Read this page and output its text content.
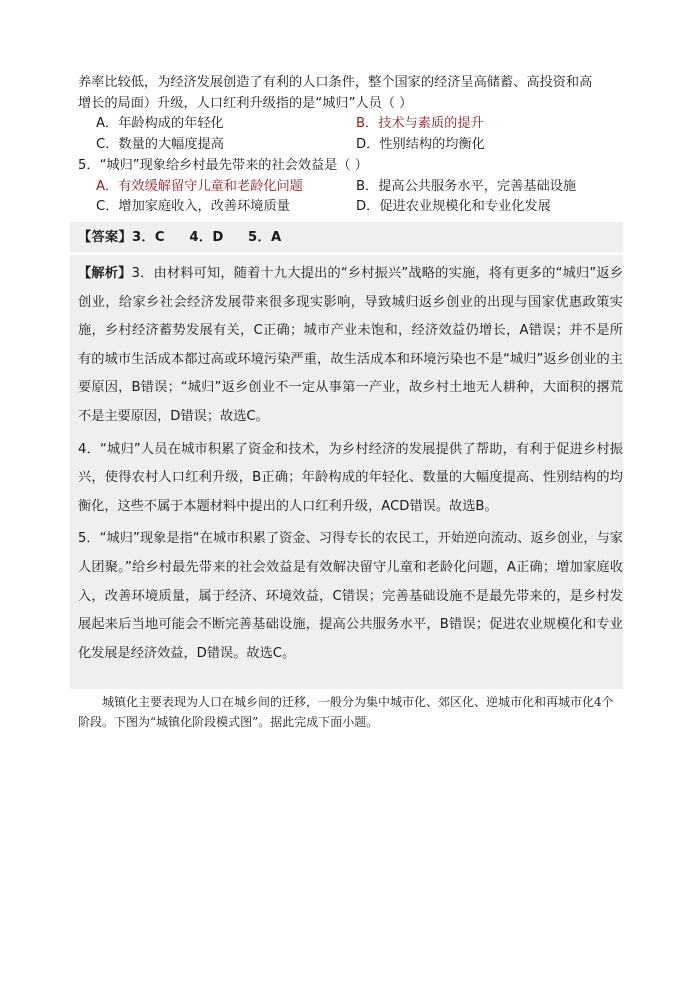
养率比较低，为经济发展创造了有利的人口条件，整个国家的经济呈高储蓄、高投资和高

增长的局面）升级，人口红利升级指的是“城归”人员（ ）

A．年龄构成的年轻化	B．技术与素质的提升
C．数量的大幅度提高	D．性别结构的均衡化

5．“城归”现象给乡村最先带来的社会效益是（ ）

A．有效缓解留守儿童和老龄化问题	B．提高公共服务水平，完善基础设施
C．增加家庭收入，改善环境质量	D．促进农业规模化和专业化发展
【答案】3．C     4．D     5．A

【解析】3．由材料可知，随着十九大提出的“乡村振兴”战略的实施，将有更多的“城归”返乡创业，给家乡社会经济发展带来很多现实影响，导致城归返乡创业的出现与国家优惠政策实施，乡村经济蓄势发展有关，C正确；城市产业未饱和，经济效益仍增长，A错误；并不是所有的城市生活成本都过高或环境污染严重，故生活成本和环境污染也不是“城归”返乡创业的主要原因，B错误；“城归”返乡创业不一定从事第一产业，故乡村土地无人耕种，大面积的撂荒不是主要原因，D错误；故选C。

4．“城归”人员在城市积累了资金和技术，为乡村经济的发展提供了帮助，有利于促进乡村振兴，使得农村人口红利升级，B正确；年龄构成的年轻化、数量的大幅度提高、性别结构的均衡化，这些不属于本题材料中提出的人口红利升级，ACD错误。故选B。

5．“城归”现象是指“在城市积累了资金、习得专长的农民工，开始逆向流动、返乡创业，与家人团聚。”给乡村最先带来的社会效益是有效解决留守儿童和老龄化问题，A正确；增加家庭收入，改善环境质量，属于经济、环境效益，C错误；完善基础设施不是最先带来的，是乡村发展起来后当地可能会不断完善基础设施，提高公共服务水平，B错误；促进农业规模化和专业化发展是经济效益，D错误。故选C。

城镇化主要表现为人口在城乡间的迁移，一般分为集中城市化、郊区化、逆城市化和再城市化4个阶段。下图为“城镇化阶段模式图”。据此完成下面小题。
